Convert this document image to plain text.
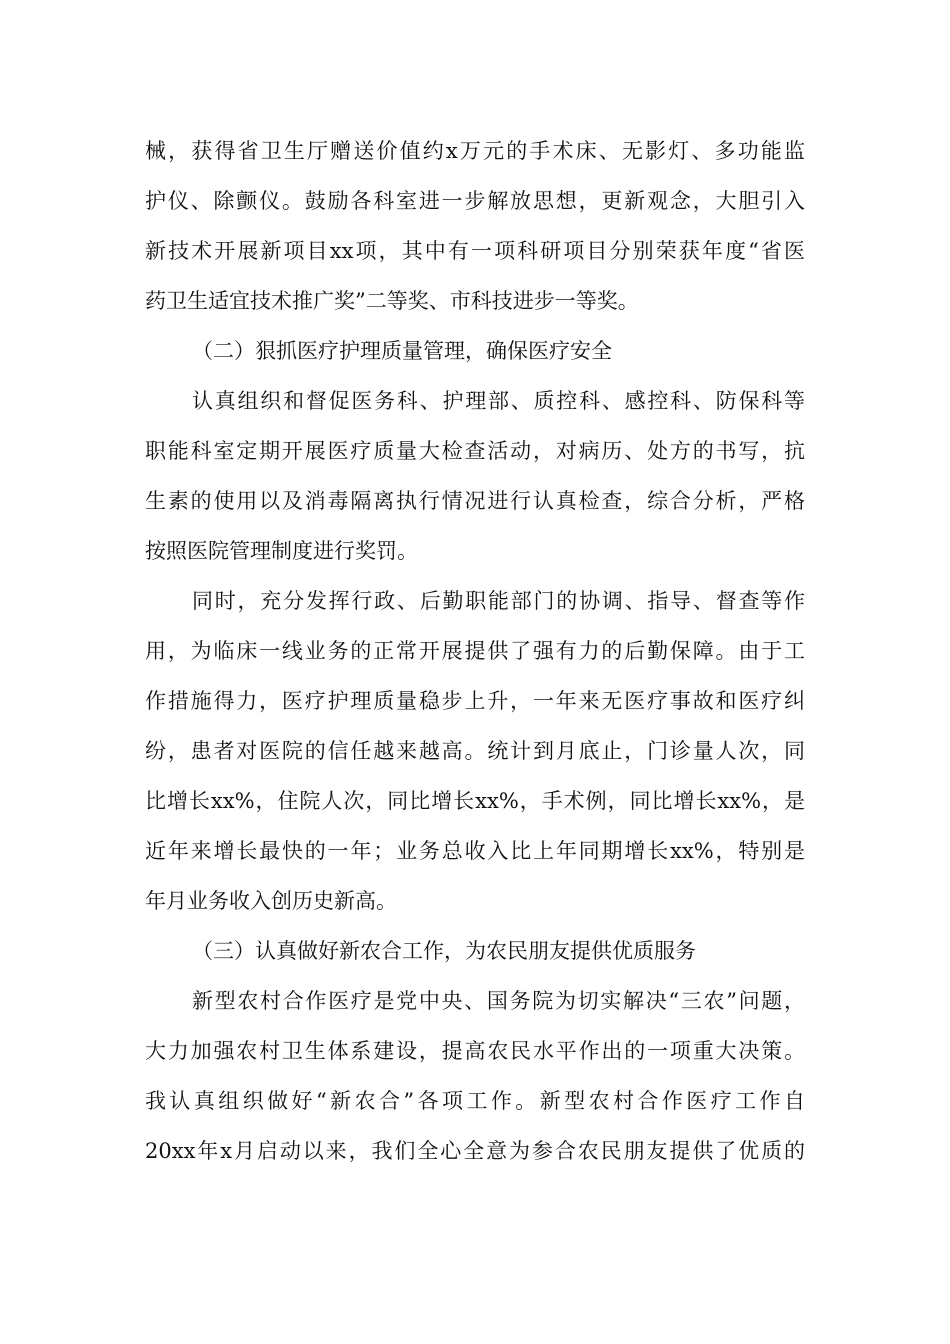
械，获得省卫生厅赠送价值约x万元的手术床、无影灯、多功能监
护仪、除颤仪。鼓励各科室进一步解放思想，更新观念，大胆引入
新技术开展新项目xx项，其中有一项科研项目分别荣获年度“省医
药卫生适宜技术推广奖”二等奖、市科技进步一等奖。
（二）狠抓医疗护理质量管理，确保医疗安全
认真组织和督促医务科、护理部、质控科、感控科、防保科等
职能科室定期开展医疗质量大检查活动，对病历、处方的书写，抗
生素的使用以及消毒隔离执行情况进行认真检查，综合分析，严格
按照医院管理制度进行奖罚。
同时，充分发挥行政、后勤职能部门的协调、指导、督查等作
用，为临床一线业务的正常开展提供了强有力的后勤保障。由于工
作措施得力，医疗护理质量稳步上升，一年来无医疗事故和医疗纠
纷，患者对医院的信任越来越高。统计到月底止，门诊量人次，同
比增长xx%，住院人次，同比增长xx%，手术例，同比增长xx%，是
近年来增长最快的一年；业务总收入比上年同期增长xx%，特别是
年月业务收入创历史新高。
（三）认真做好新农合工作，为农民朋友提供优质服务
新型农村合作医疗是党中央、国务院为切实解决“三农”问题，
大力加强农村卫生体系建设，提高农民水平作出的一项重大决策。
我认真组织做好“新农合”各项工作。新型农村合作医疗工作自
20xx年x月启动以来，我们全心全意为参合农民朋友提供了优质的
